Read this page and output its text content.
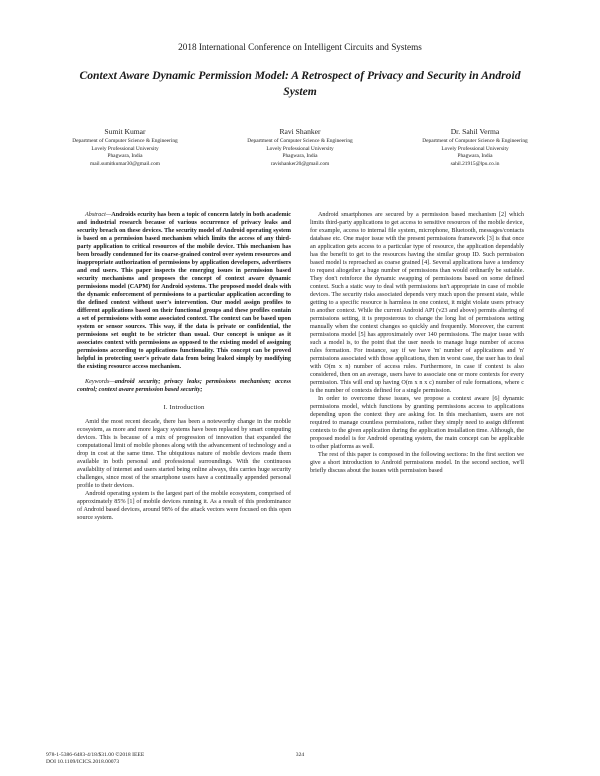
2018 International Conference on Intelligent Circuits and Systems
Context Aware Dynamic Permission Model: A Retrospect of Privacy and Security in Android System
Sumit Kumar
Department of Computer Science & Engineering
Lovely Professional University
Phagwara, India
mail.sumitkumar30@gmail.com
Ravi Shanker
Department of Computer Science & Engineering
Lovely Professional University
Phagwara, India
ravishanker20@gmail.com
Dr. Sahil Verma
Department of Computer Science & Engineering
Lovely Professional University
Phagwara, India
sahil.21915@lpu.co.in

Abstract—Androids ecurity has been a topic of concern lately in both academic and industrial research because of various occurrence of privacy leaks and security breach on these devices. The security model of Android operating system is based on a permission based mechanism which limits the access of any third-party application to critical resources of the mobile device. This mechanism has been broadly condemned for its coarse-grained control over system resources and inappropriate authorization of permissions by application developers, advertisers and end users. This paper inspects the emerging issues in permission based security mechanisms and proposes the concept of context aware dynamic permissions model (CAPM) for Android systems. The proposed model deals with the dynamic enforcement of permissions to a particular application according to the defined context without user's intervention. Our model assign profiles to different applications based on their functional groups and these profiles contain a set of permissions with some associated context. The context can be based upon system or sensor sources. This way, if the data is private or confidential, the permissions set ought to be stricter than usual. Our concept is unique as it associates context with permissions as opposed to the existing model of assigning permissions according to applications functionality. This concept can be proved helpful in protecting user's private data from being leaked simply by modifying the existing resource access mechanism.

Keywords—android security; privacy leaks; permissions mechanism; access control; context aware permission based security;

I. Introduction

Amid the most recent decade, there has been a noteworthy change in the mobile ecosystem, as more and more legacy systems have been replaced by smart computing devices. This is because of a mix of progression of innovation that expanded the computational limit of mobile phones along with the advancement of technology and a drop in cost at the same time. The ubiquitous nature of mobile devices made them available in both personal and professional surroundings. With the continuous availability of internet and users started being online always, this carries huge security challenges, since most of the smartphone users have a continually appended personal profile to their devices.

Android operating system is the largest part of the mobile ecosystem, comprised of approximately 85% [1] of mobile devices running it. As a result of this predominance of Android based devices, around 98% of the attack vectors were focused on this open source system.

Android smartphones are secured by a permission based mechanism [2] which limits third-party applications to get access to sensitive resources of the mobile device, for example, access to internal file system, microphone, Bluetooth, messages/contacts database etc. One major issue with the present permissions framework [3] is that once an application gets access to a particular type of resource, the application dependably has the benefit to get to the resources having the similar group ID. Such permission based model is reproached as coarse grained [4]. Several applications have a tendency to request altogether a huge number of permissions than would ordinarily be suitable. They don't reinforce the dynamic swapping of permissions based on some defined context. Such a static way to deal with permissions isn't appropriate in case of mobile devices. The security risks associated depends very much upon the present state, while getting to a specific resource is harmless in one context, it might violate users privacy in another context. While the current Android API (v23 and above) permits altering of permissions setting, it is preposterous to change the long list of permissions setting manually when the context changes so quickly and frequently. Moreover, the current permissions model [5] has approximately over 140 permissions. The major issue with such a model is, to the point that the user needs to manage huge number of access rules formation. For instance, say if we have 'm' number of applications and 'n' permissions associated with those applications, then in worst case, the user has to deal with O(m x n) number of access rules. Furthermore, in case if context is also considered, then on an average, users have to associate one or more contexts for every permission. This will end up having O(m x n x c) number of rule formations, where c is the number of contexts defined for a single permission.

In order to overcome these issues, we propose a context aware [6] dynamic permissions model, which functions by granting permissions access to applications depending upon the context they are asking for. In this mechanism, users are not required to manage countless permissions, rather they simply need to assign different contexts to the given application during the application installation time. Although, the proposed model is for Android operating system, the main concept can be applicable to other platforms as well.

The rest of this paper is composed in the following sections: In the first section we give a short introduction to Android permissions model. In the second section, we'll briefly discuss about the issues with permission based

978-1-5386-6483-4/18/$31.00 ©2018 IEEE
DOI 10.1109/ICICS.2018.00073
324
